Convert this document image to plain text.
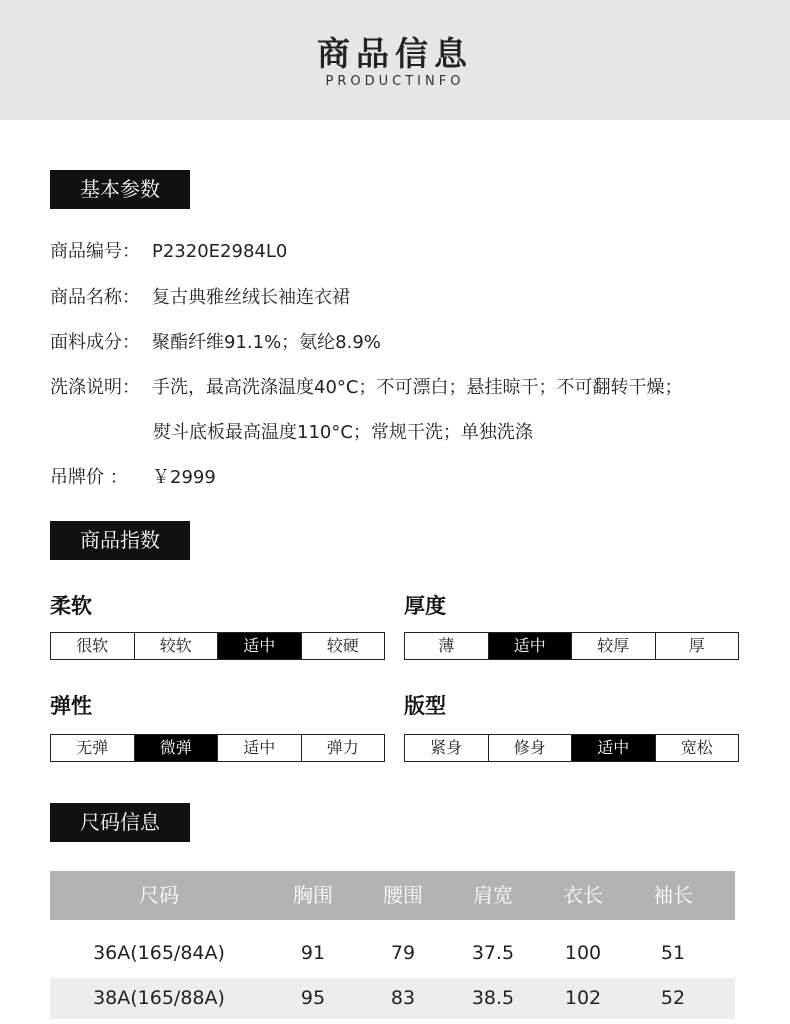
商品信息
PRODUCTINFO
基本参数
商品编号： P2320E2984L0
商品名称： 复古典雅丝绒长袖连衣裙
面料成分： 聚酯纤维91.1%；氨纶8.9%
洗涤说明： 手洗，最高洗涤温度40°C；不可漂白；悬挂晾干；不可翻转干燥；
熨斗底板最高温度110°C；常规干洗；单独洗涤
吊牌价 ： ￥2999
商品指数
柔软
很软	较软	适中	较硬
厚度
薄	适中	较厚	厚
弹性
无弹	微弹	适中	弹力
版型
紧身	修身	适中	宽松
尺码信息
尺码	胸围	腰围	肩宽	衣长	袖长
36A(165/84A)	91	79	37.5	100	51
38A(165/88A)	95	83	38.5	102	52
